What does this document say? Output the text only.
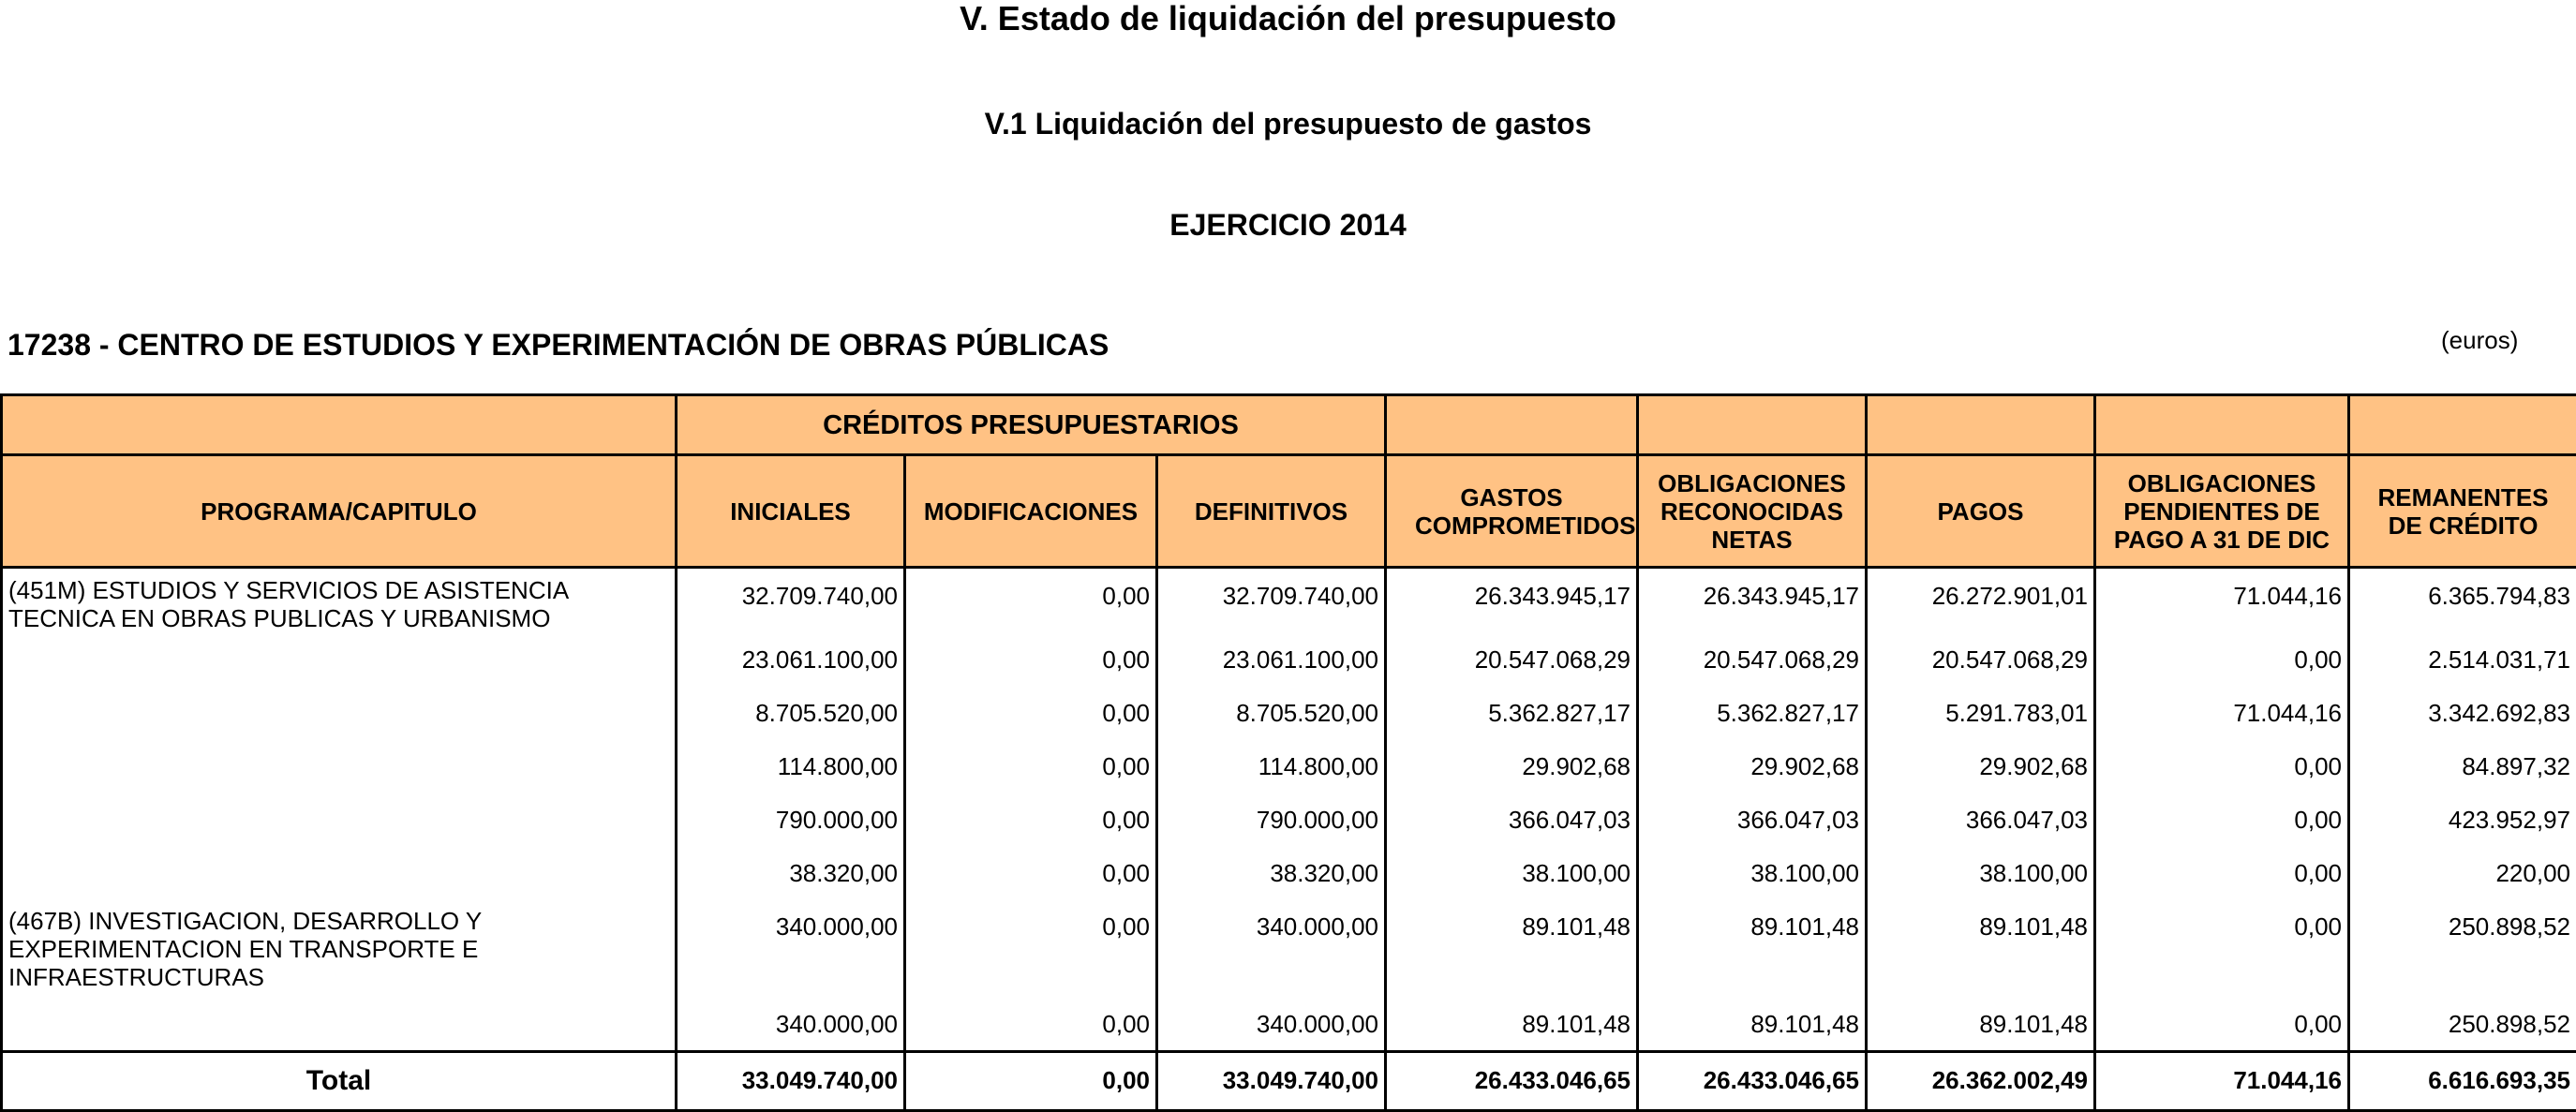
V. Estado de liquidación del presupuesto
V.1 Liquidación del presupuesto de gastos
EJERCICIO 2014
17238 - CENTRO DE ESTUDIOS Y EXPERIMENTACIÓN DE OBRAS PÚBLICAS	(euros)
	CRÉDITOS PRESUPUESTARIOS							
PROGRAMA/CAPITULO	INICIALES	MODIFICACIONES	DEFINITIVOS	GASTOS COMPROMETIDOS	OBLIGACIONES RECONOCIDAS NETAS	PAGOS	OBLIGACIONES PENDIENTES DE PAGO A 31 DE DIC	REMANENTES DE CRÉDITO
(451M) ESTUDIOS Y SERVICIOS DE ASISTENCIA TECNICA EN OBRAS PUBLICAS Y URBANISMO	32.709.740,00	0,00	32.709.740,00	26.343.945,17	26.343.945,17	26.272.901,01	71.044,16	6.365.794,83
	23.061.100,00	0,00	23.061.100,00	20.547.068,29	20.547.068,29	20.547.068,29	0,00	2.514.031,71
	8.705.520,00	0,00	8.705.520,00	5.362.827,17	5.362.827,17	5.291.783,01	71.044,16	3.342.692,83
	114.800,00	0,00	114.800,00	29.902,68	29.902,68	29.902,68	0,00	84.897,32
	790.000,00	0,00	790.000,00	366.047,03	366.047,03	366.047,03	0,00	423.952,97
	38.320,00	0,00	38.320,00	38.100,00	38.100,00	38.100,00	0,00	220,00
(467B) INVESTIGACION, DESARROLLO Y EXPERIMENTACION EN TRANSPORTE E INFRAESTRUCTURAS	340.000,00	0,00	340.000,00	89.101,48	89.101,48	89.101,48	0,00	250.898,52
	340.000,00	0,00	340.000,00	89.101,48	89.101,48	89.101,48	0,00	250.898,52
Total	33.049.740,00	0,00	33.049.740,00	26.433.046,65	26.433.046,65	26.362.002,49	71.044,16	6.616.693,35
